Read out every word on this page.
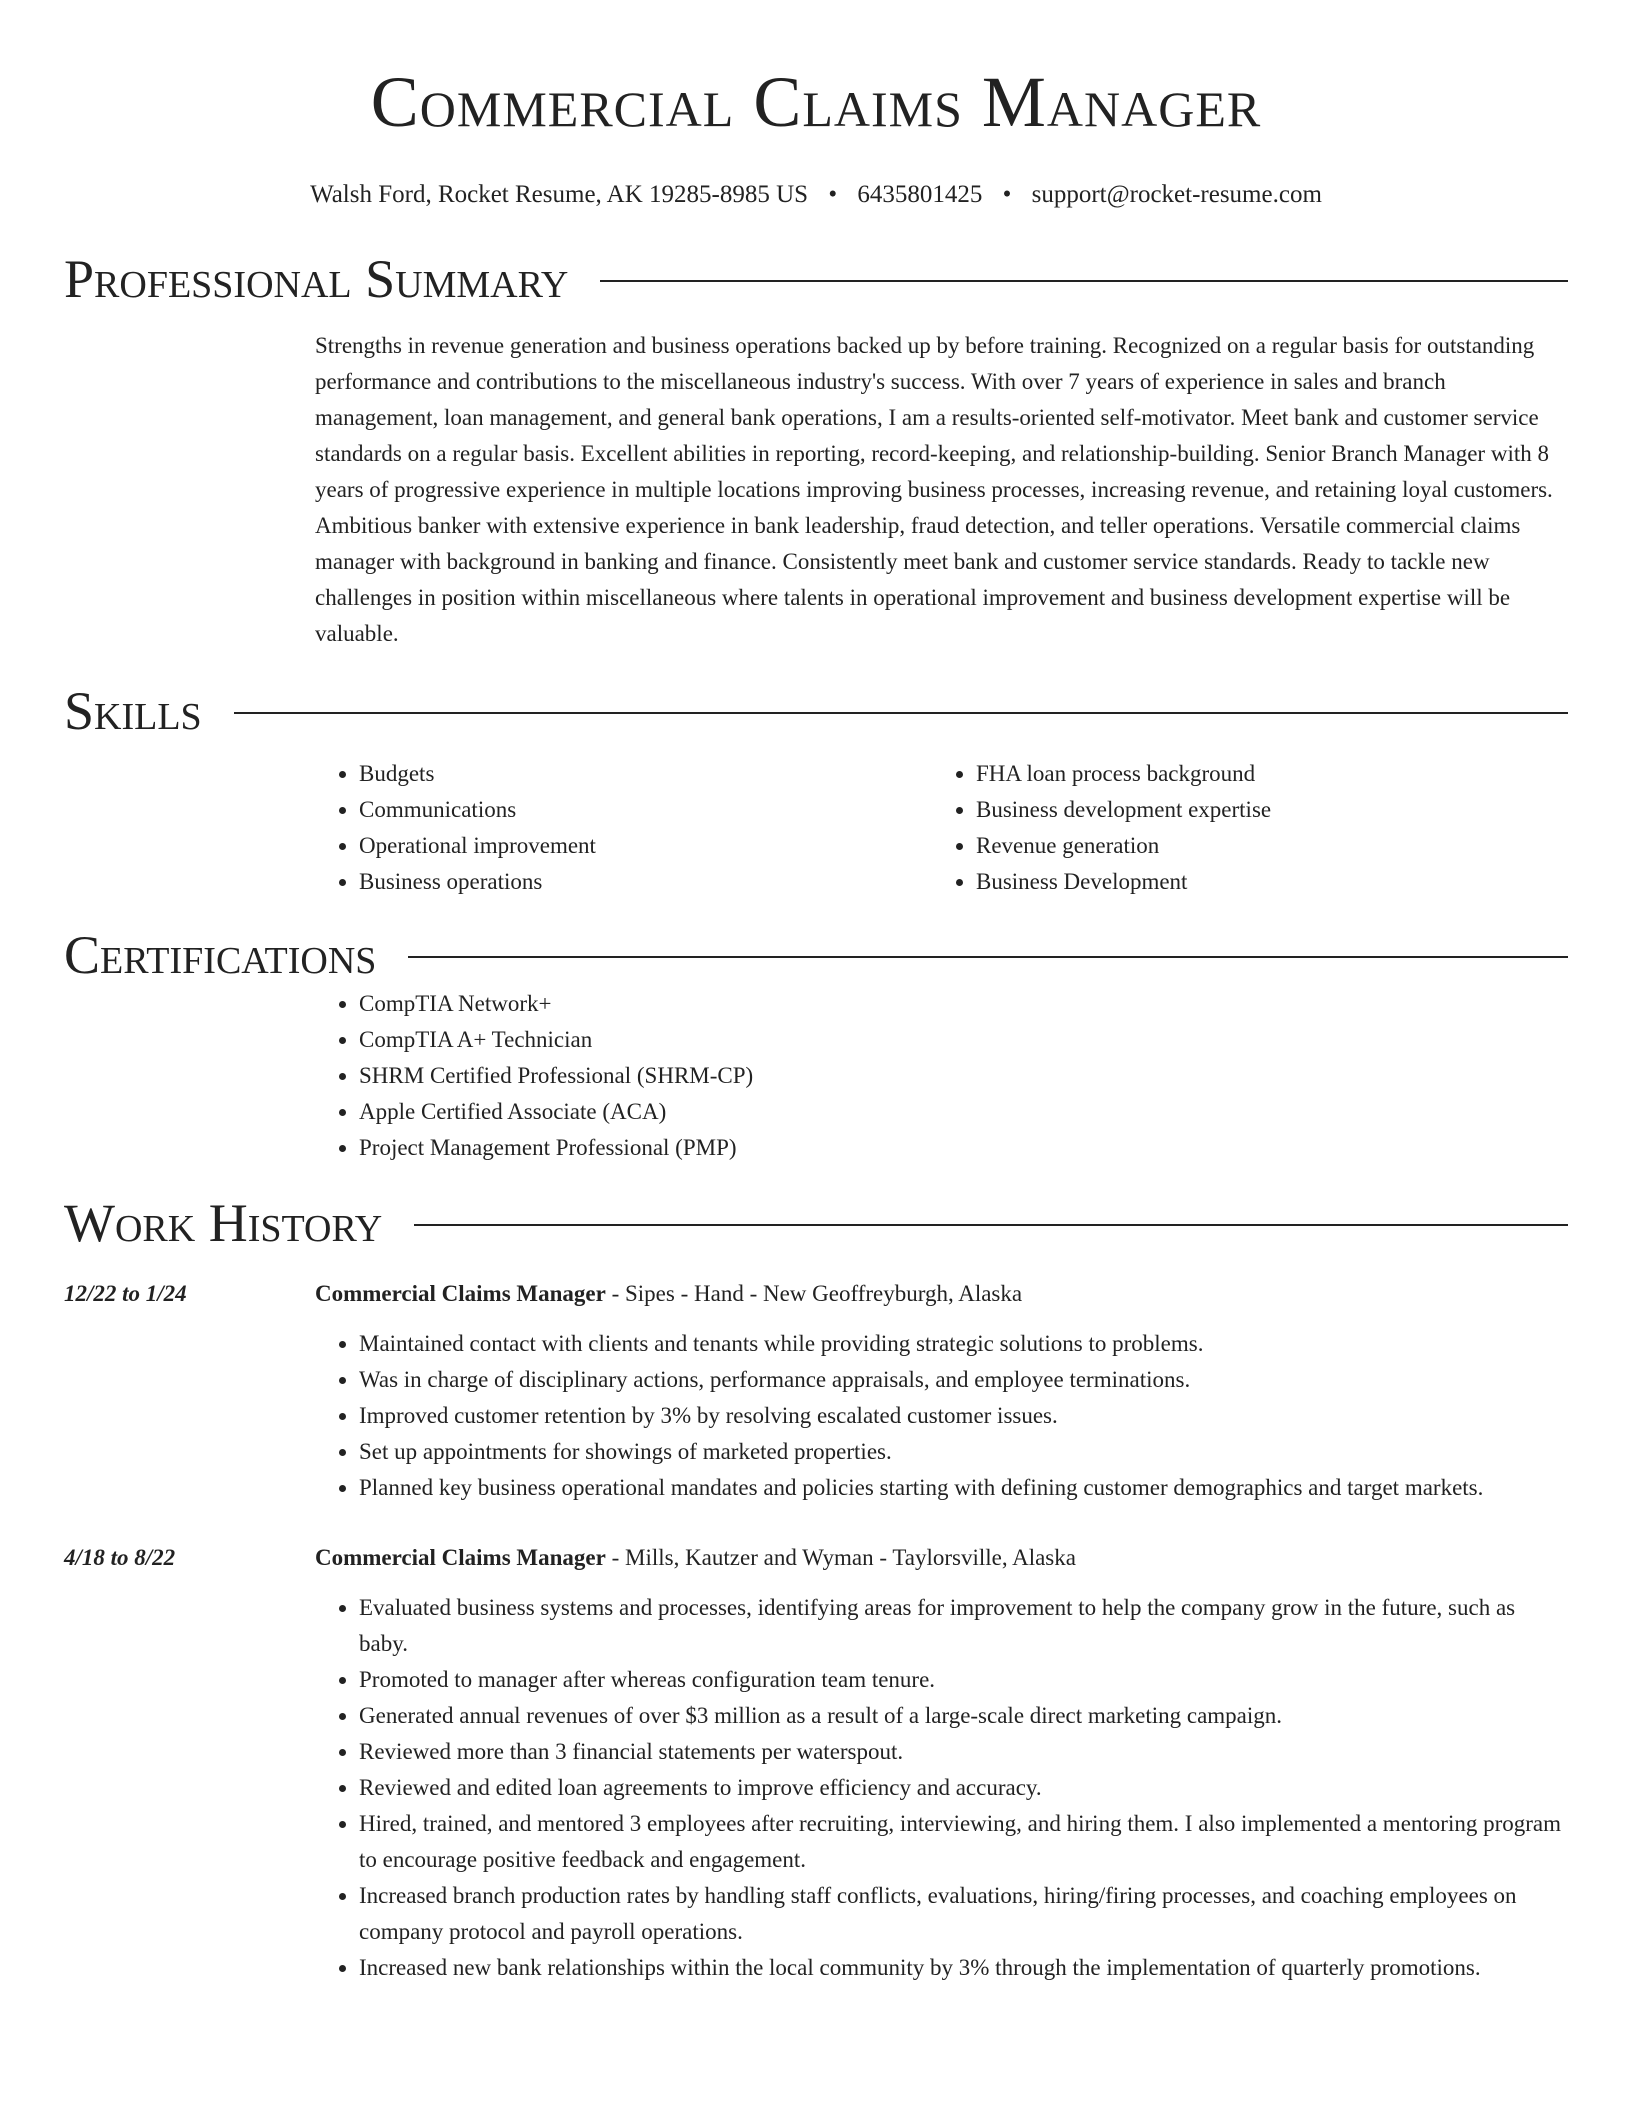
Commercial Claims Manager
Walsh Ford, Rocket Resume, AK 19285-8985 US • 6435801425 • support@rocket-resume.com
Professional Summary

Strengths in revenue generation and business operations backed up by before training. Recognized on a regular basis for outstanding performance and contributions to the miscellaneous industry's success. With over 7 years of experience in sales and branch management, loan management, and general bank operations, I am a results-oriented self-motivator. Meet bank and customer service standards on a regular basis. Excellent abilities in reporting, record-keeping, and relationship-building. Senior Branch Manager with 8 years of progressive experience in multiple locations improving business processes, increasing revenue, and retaining loyal customers. Ambitious banker with extensive experience in bank leadership, fraud detection, and teller operations. Versatile commercial claims manager with background in banking and finance. Consistently meet bank and customer service standards. Ready to tackle new challenges in position within miscellaneous where talents in operational improvement and business development expertise will be valuable.

Skills
• Budgets
• Communications
• Operational improvement
• Business operations
• FHA loan process background
• Business development expertise
• Revenue generation
• Business Development
Certifications
• CompTIA Network+
• CompTIA A+ Technician
• SHRM Certified Professional (SHRM-CP)
• Apple Certified Associate (ACA)
• Project Management Professional (PMP)
Work History
12/22 to 1/24	Commercial Claims Manager - Sipes - Hand - New Geoffreyburgh, Alaska
• Maintained contact with clients and tenants while providing strategic solutions to problems.
• Was in charge of disciplinary actions, performance appraisals, and employee terminations.
• Improved customer retention by 3% by resolving escalated customer issues.
• Set up appointments for showings of marketed properties.
• Planned key business operational mandates and policies starting with defining customer demographics and target markets.
4/18 to 8/22	Commercial Claims Manager - Mills, Kautzer and Wyman - Taylorsville, Alaska
• Evaluated business systems and processes, identifying areas for improvement to help the company grow in the future, such as baby.
• Promoted to manager after whereas configuration team tenure.
• Generated annual revenues of over $3 million as a result of a large-scale direct marketing campaign.
• Reviewed more than 3 financial statements per waterspout.
• Reviewed and edited loan agreements to improve efficiency and accuracy.
• Hired, trained, and mentored 3 employees after recruiting, interviewing, and hiring them. I also implemented a mentoring program to encourage positive feedback and engagement.
• Increased branch production rates by handling staff conflicts, evaluations, hiring/firing processes, and coaching employees on company protocol and payroll operations.
• Increased new bank relationships within the local community by 3% through the implementation of quarterly promotions.
